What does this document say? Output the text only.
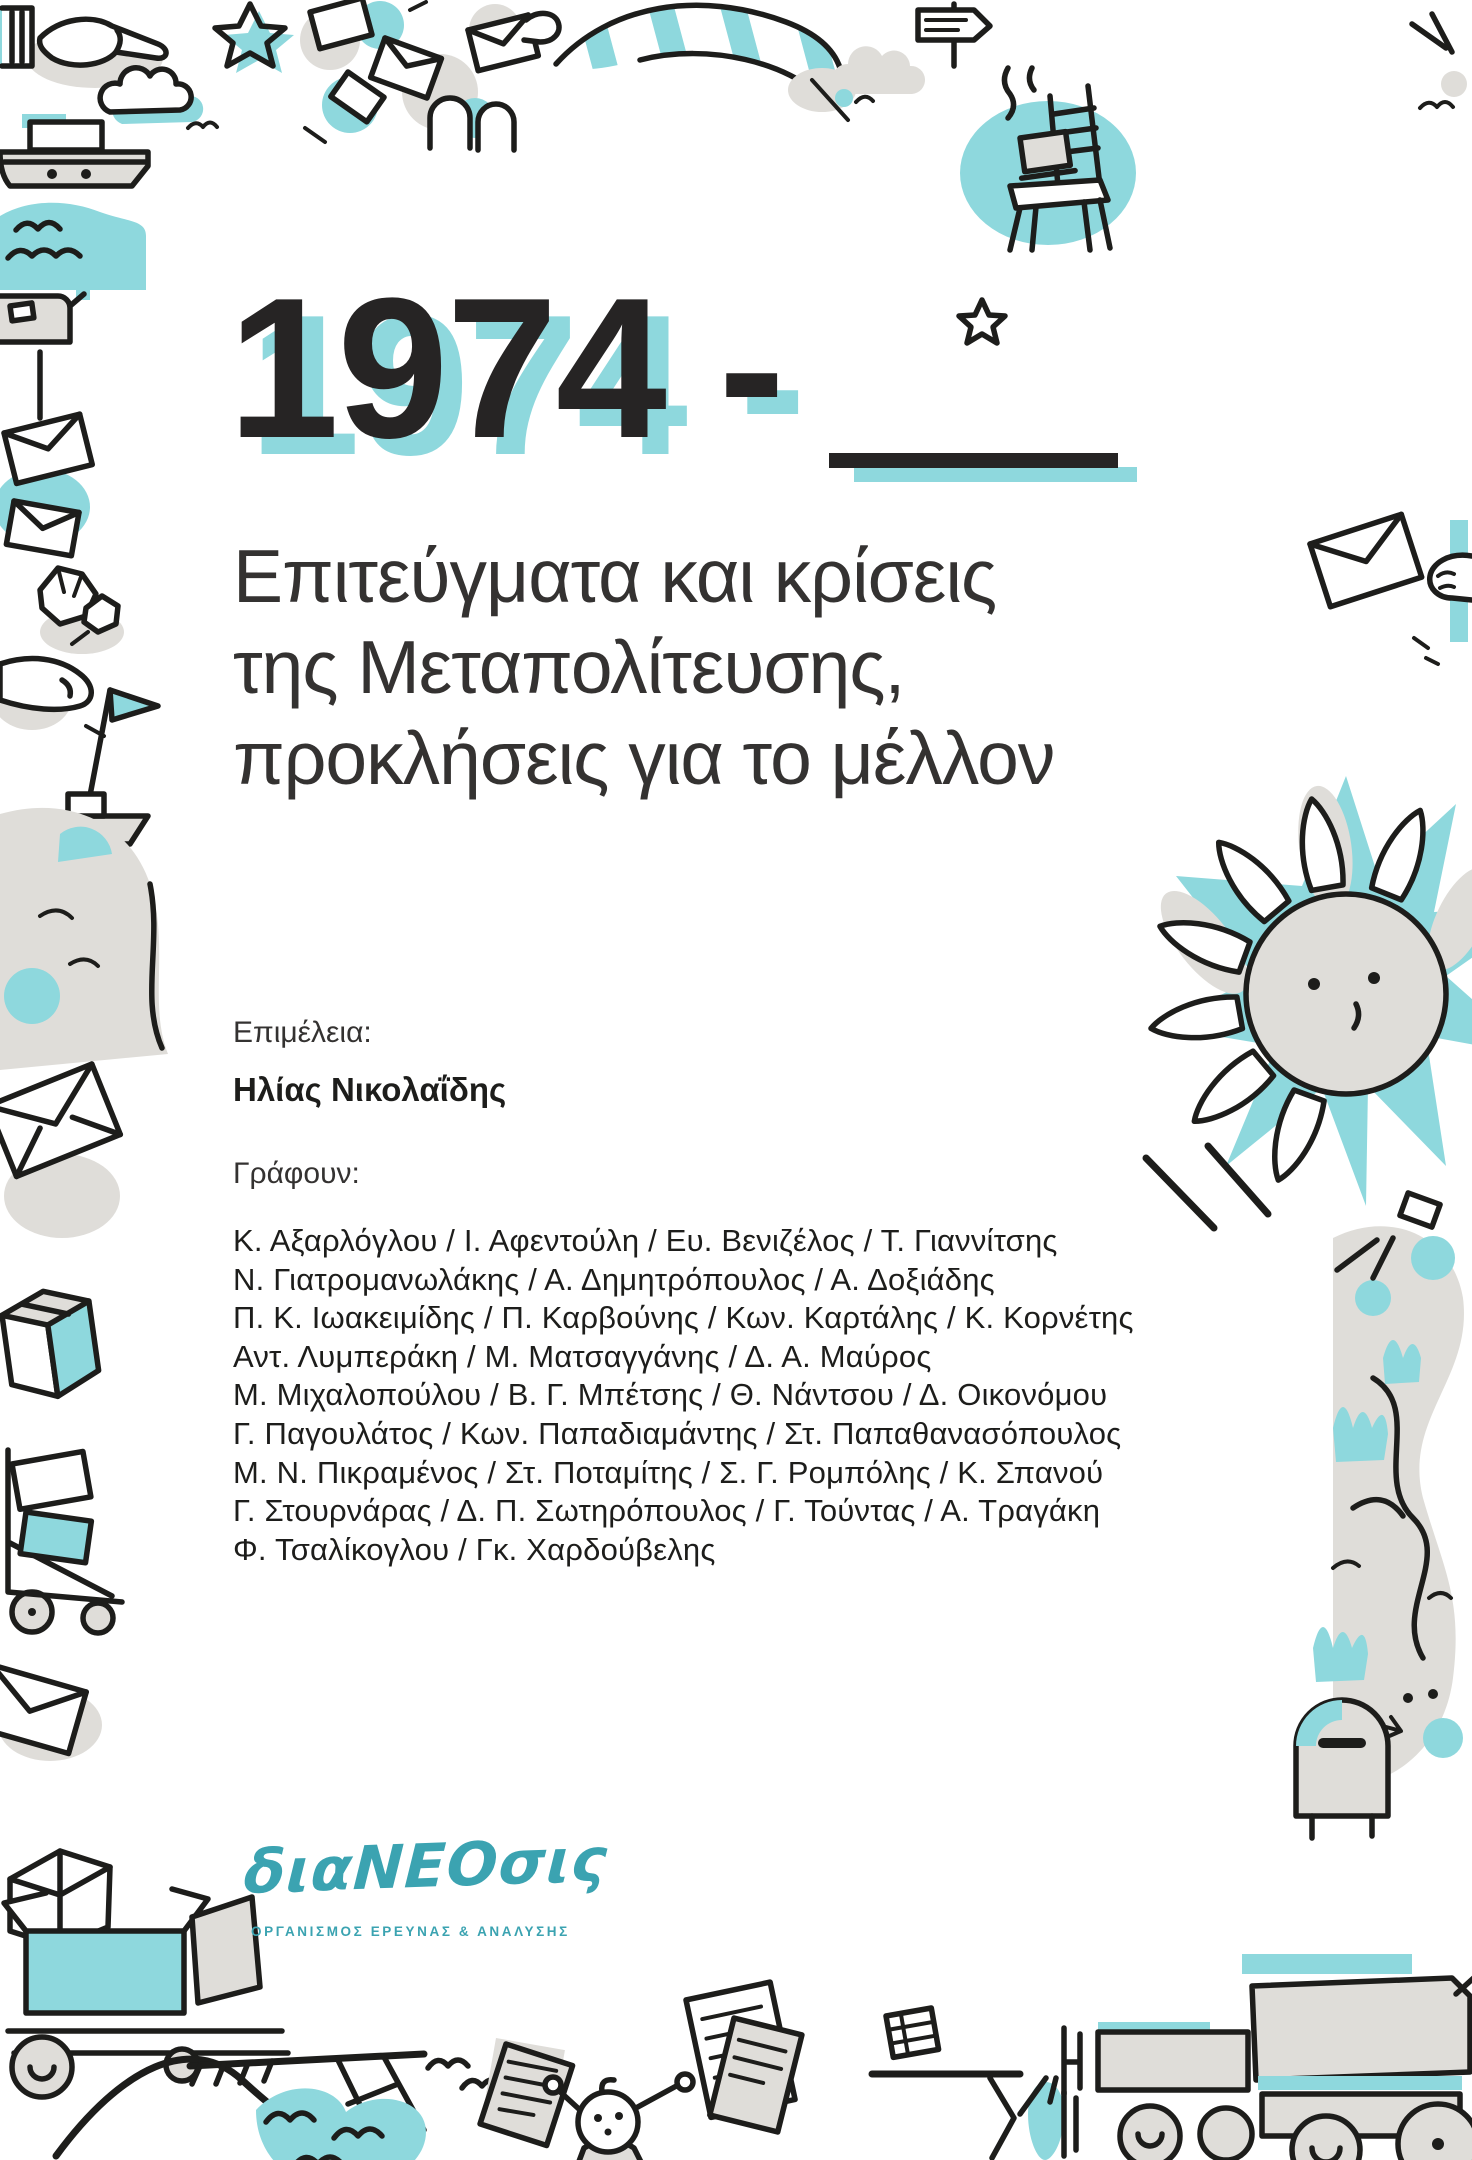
1974 -
Επιτεύγματα και κρίσεις
της Μεταπολίτευσης,
προκλήσεις για το μέλλον
Επιμέλεια:
Ηλίας Νικολαΐδης
Γράφουν:
Κ. Αξαρλόγλου / Ι. Αφεντούλη / Ευ. Βενιζέλος / Τ. Γιαννίτσης
Ν. Γιατρομανωλάκης / Α. Δημητρόπουλος / Α. Δοξιάδης
Π. Κ. Ιωακειμίδης / Π. Καρβούνης / Κων. Καρτάλης / Κ. Κορνέτης
Αντ. Λυμπεράκη / Μ. Ματσαγγάνης / Δ. Α. Μαύρος
Μ. Μιχαλοπούλου / Β. Γ. Μπέτσης / Θ. Νάντσου / Δ. Οικονόμου
Γ. Παγουλάτος / Κων. Παπαδιαμάντης / Στ. Παπαθανασόπουλος
Μ. Ν. Πικραμένος / Στ. Ποταμίτης / Σ. Γ. Ρομπόλης / Κ. Σπανού
Γ. Στουρνάρας / Δ. Π. Σωτηρόπουλος / Γ. Τούντας / Α. Τραγάκη
Φ. Τσαλίκογλου / Γκ. Χαρδούβελης
διαΝΕΟσις
ΟΡΓΑΝΙΣΜΟΣ ΕΡΕΥΝΑΣ & ΑΝΑΛΥΣΗΣ
